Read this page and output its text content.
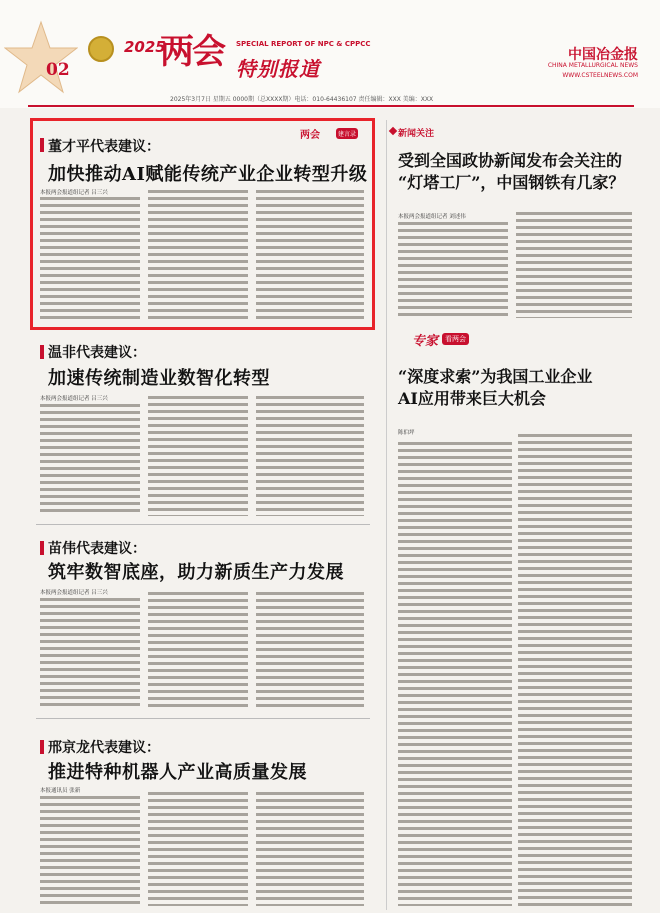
02
2025
两会 SPECIAL REPORT OF NPC & CPPCC
特别报道
中国冶金报
CHINA METALLURGICAL NEWS
WWW.CSTEELNEWS.COM
2025年3月7日 星期五 0000期（总XXXX期）电话：010-64436107 责任编辑：XXX 美编：XXX
两会	建言录
董才平代表建议：
加快推动AI赋能传统产业企业转型升级
本报两会报道组记者 吕三兴
温非代表建议：
加速传统制造业数智化转型
本报两会报道组记者 吕三兴
苗伟代表建议：
筑牢数智底座，助力新质生产力发展
本报两会报道组记者 吕三兴
邢京龙代表建议：
推进特种机器人产业高质量发展
本报通讯员 张新
新闻关注
受到全国政协新闻发布会关注的
“灯塔工厂”，中国钢铁有几家？
本报两会报道组记者 刘述伟
专家 看两会
“深度求索”为我国工业企业
AI应用带来巨大机会
陈伯坪
